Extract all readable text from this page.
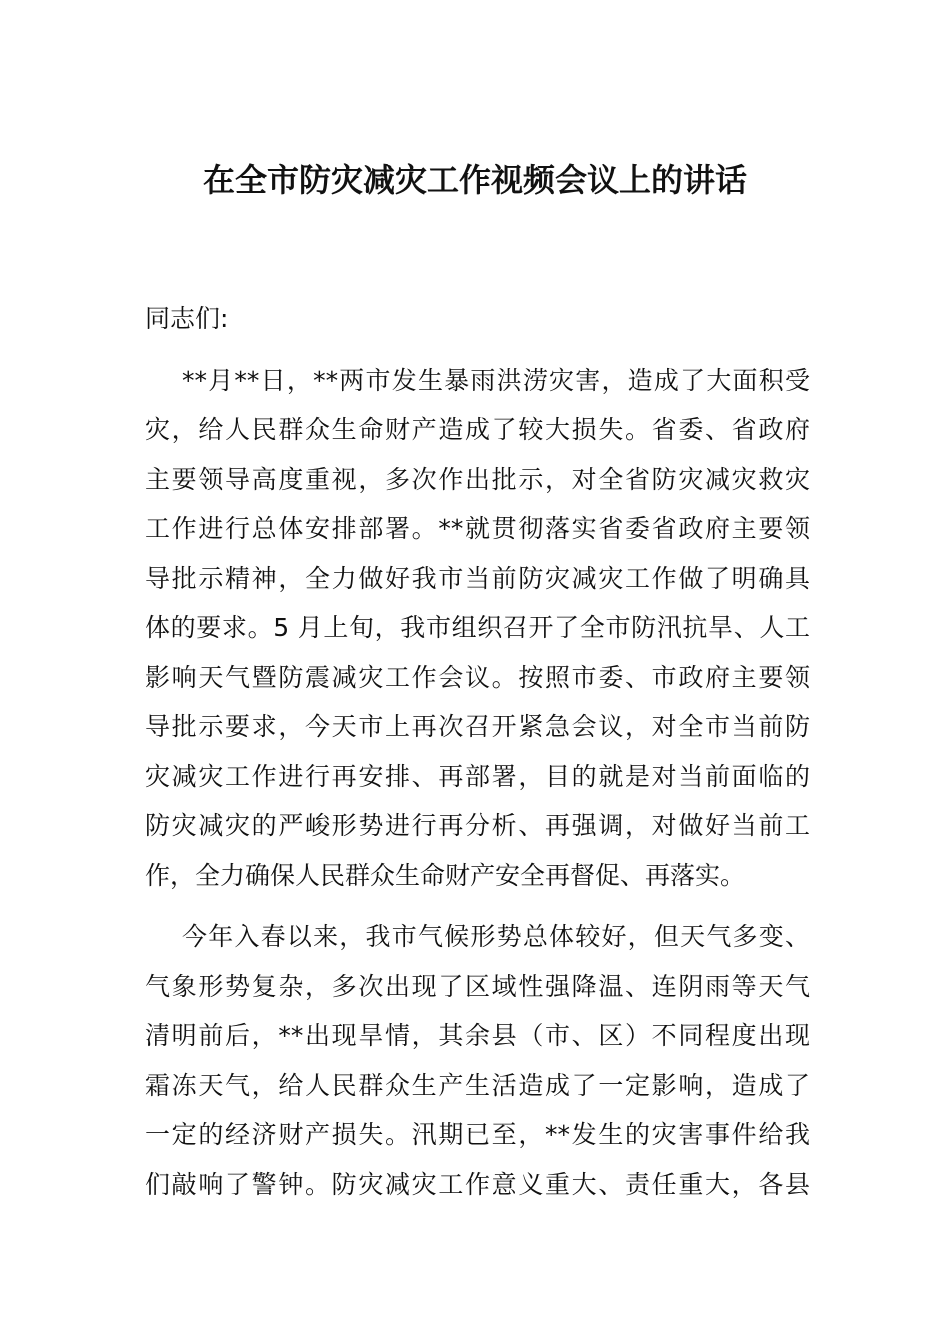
在全市防灾减灾工作视频会议上的讲话
同志们:
**月**日，**两市发生暴雨洪涝灾害，造成了大面积受
灾，给人民群众生命财产造成了较大损失。省委、省政府
主要领导高度重视，多次作出批示，对全省防灾减灾救灾
工作进行总体安排部署。**就贯彻落实省委省政府主要领
导批示精神，全力做好我市当前防灾减灾工作做了明确具
体的要求。5 月上旬，我市组织召开了全市防汛抗旱、人工
影响天气暨防震减灾工作会议。按照市委、市政府主要领
导批示要求，今天市上再次召开紧急会议，对全市当前防
灾减灾工作进行再安排、再部署，目的就是对当前面临的
防灾减灾的严峻形势进行再分析、再强调，对做好当前工
作，全力确保人民群众生命财产安全再督促、再落实。
今年入春以来，我市气候形势总体较好，但天气多变、
气象形势复杂，多次出现了区域性强降温、连阴雨等天气
清明前后，**出现旱情，其余县（市、区）不同程度出现
霜冻天气，给人民群众生产生活造成了一定影响，造成了
一定的经济财产损失。汛期已至，**发生的灾害事件给我
们敲响了警钟。防灾减灾工作意义重大、责任重大，各县
